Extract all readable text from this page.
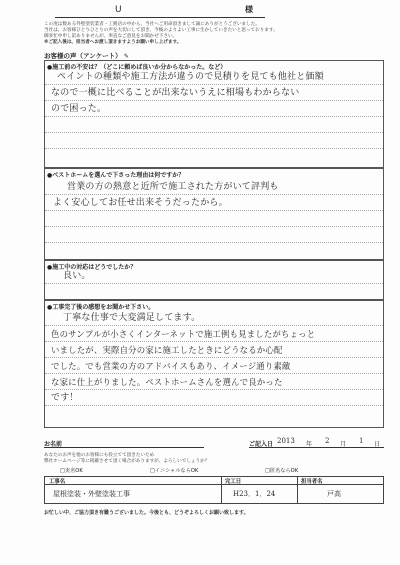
U	様
この度は数ある外壁塗装業者・工務店の中から、当社へご用命頂きまして誠にありがとうございました。
当社は、お客様ひとりひとりの声を大切にして頂き、今後のよりよい工事に生かしていきたいと思っております。
御多忙中申し訳ありませんが、率直なご意見をお聞かせ下さい。
※ご記入後は、担当者へお渡し頂きますようお願い申し上げます。
お客様の声（アンケート） ✎
●施工前の不安は？（どこに頼めば良いか分からなかった。など）
ペイントの種類や施工方法が違うので見積りを見ても他社と価額
なので一概に比べることが出来ないうえに相場もわからない
ので困った。
●ベストホームを選んで下さった理由は何ですか？
営業の方の熱意と近所で施工された方がいて評判も
よく安心してお任せ出来そうだったから。
●施工中の対応はどうでしたか？
良い。
●工事完了後の感想をお聞かせ下さい。
丁寧な仕事で大変満足してます。
色のサンプルが小さくインターネットで施工例も見ましたがちょっと
いましたが、実際自分の家に施工したときにどうなるか心配
でした。でも営業の方のアドバイスもあり、イメージ通り素敵
な家に仕上がりました。ベストホームさんを選んで良かった
です！
お名前	ご記入日 2013 年 2 月 1 日
あなたのお声を他のお客様にも役立てて頂きたいため
弊社ホームページ等に掲載させて頂く場合がありますが、よろしいでしょうか？
□実名OK	□イニシャルならOK	□匿名ならOK
工事名	完工日	担当者名
屋根塗装・外壁塗装工事	H23．1．24	戸高
お忙しい中、ご協力頂き有難うございました。今後とも、どうぞよろしくお願い致します。
